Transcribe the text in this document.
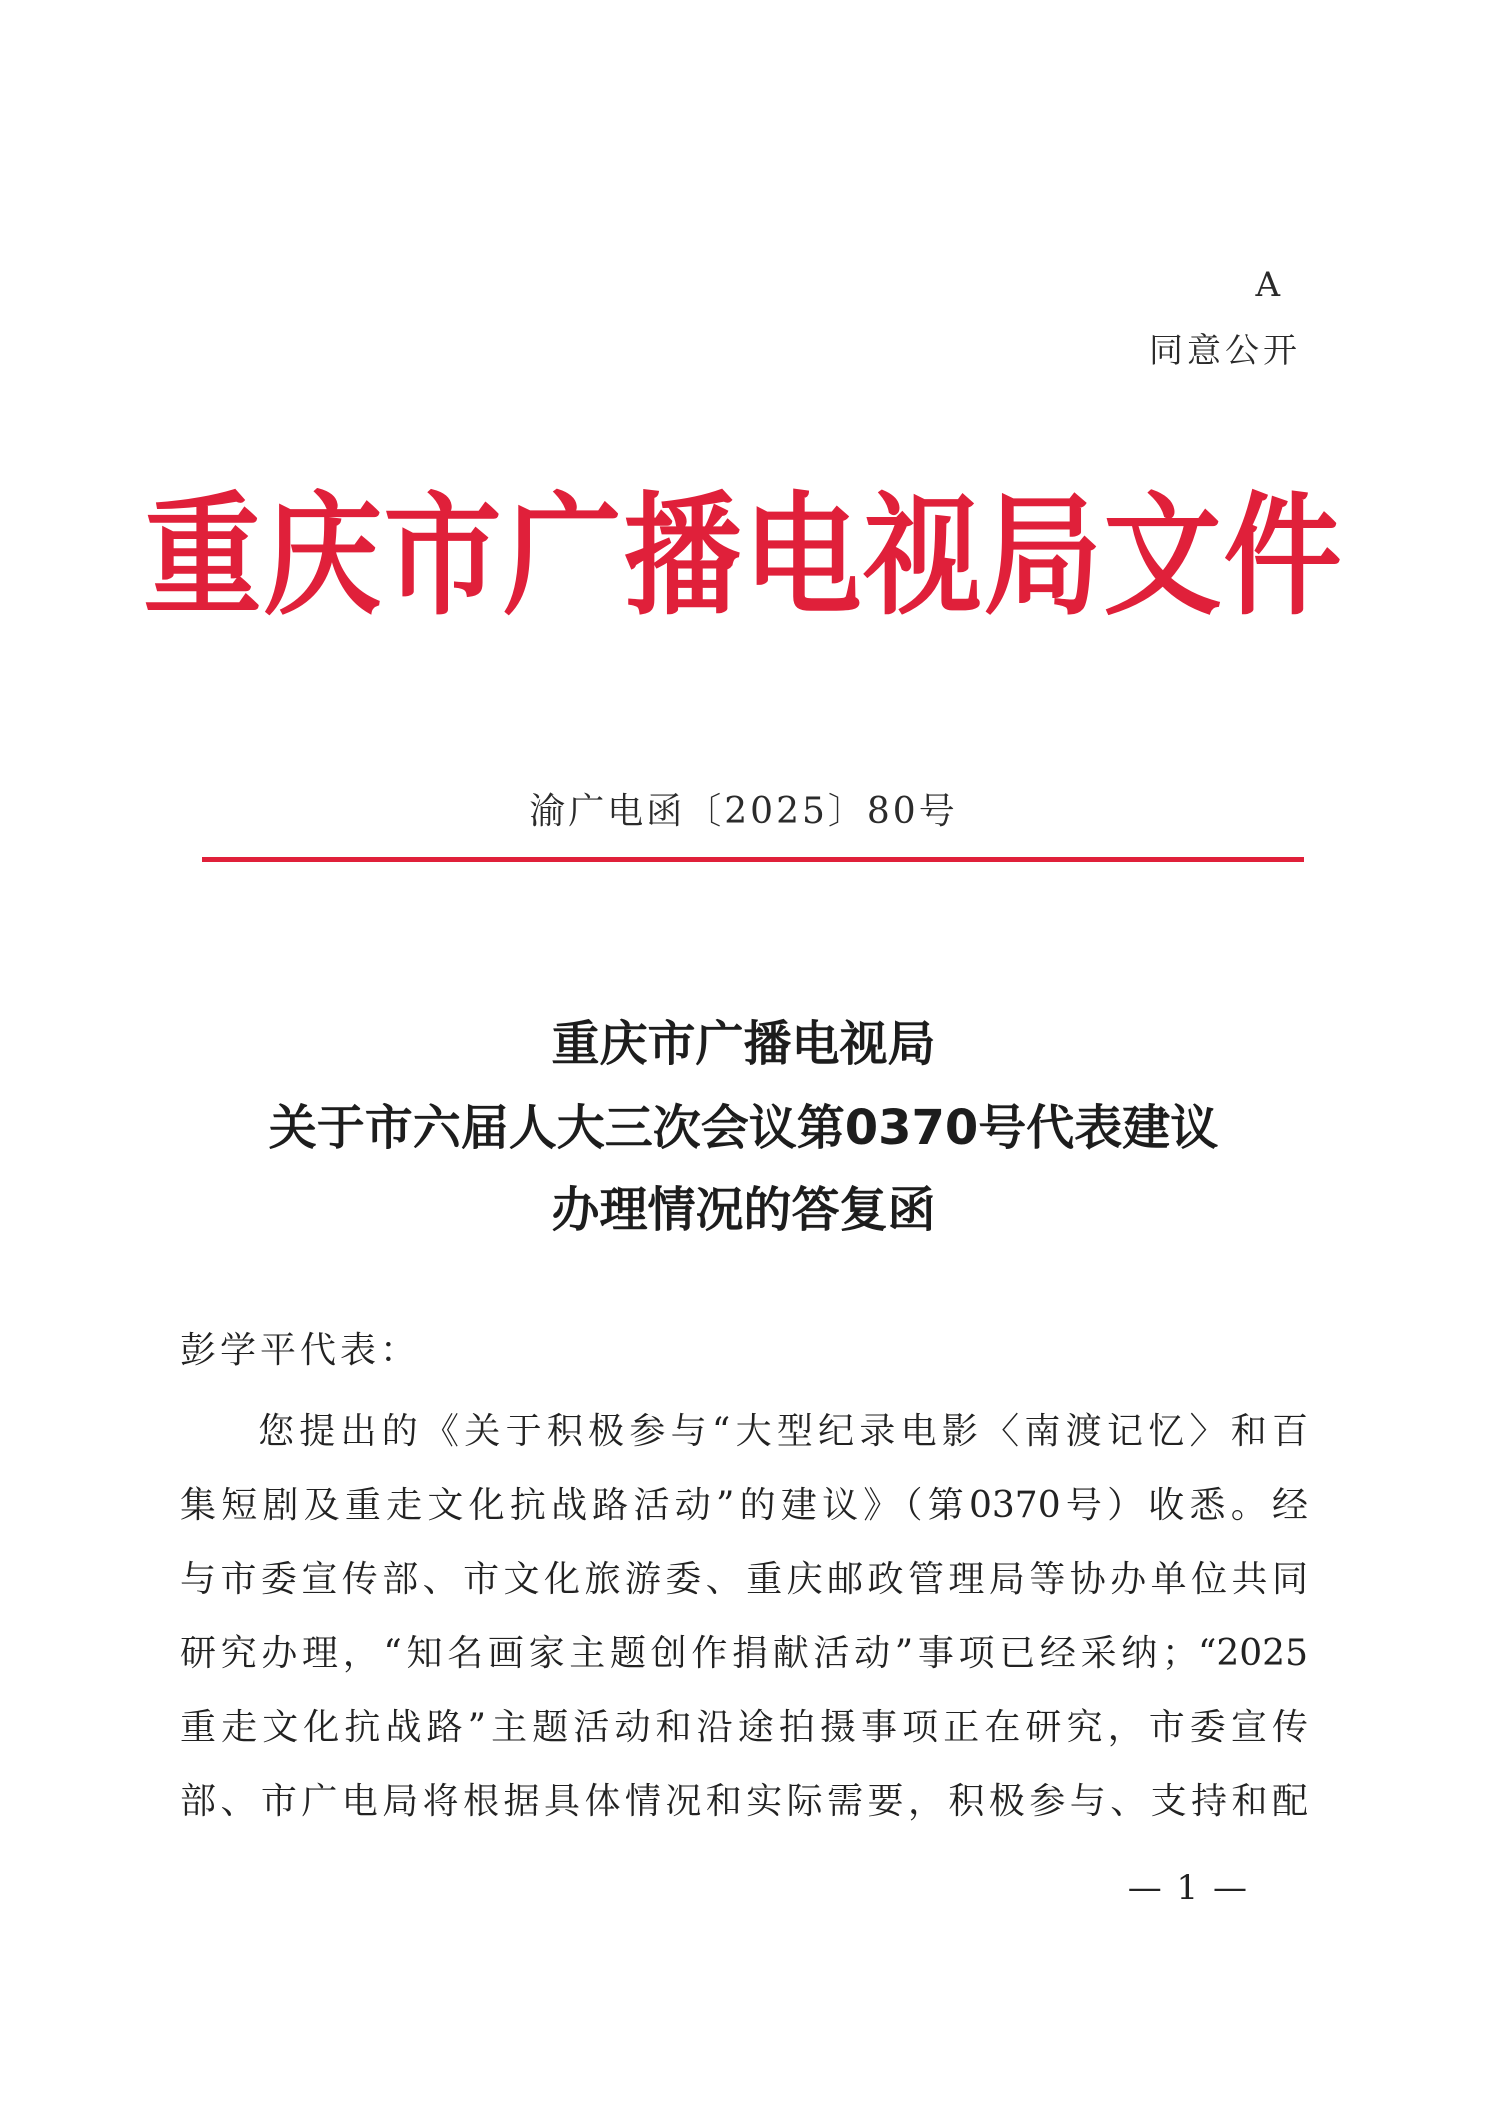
A
同意公开
重庆市广播电视局文件
渝广电函〔2025〕80号
重庆市广播电视局
关于市六届人大三次会议第0370号代表建议
办理情况的答复函
彭学平代表：
您提出的《关于积极参与“大型纪录电影〈南渡记忆〉和百
集短剧及重走文化抗战路活动”的建议》（第0370号）收悉。经
与市委宣传部、市文化旅游委、重庆邮政管理局等协办单位共同
研究办理，“知名画家主题创作捐献活动”事项已经采纳；“2025
重走文化抗战路”主题活动和沿途拍摄事项正在研究，市委宣传
部、市广电局将根据具体情况和实际需要，积极参与、支持和配
— 1 —
